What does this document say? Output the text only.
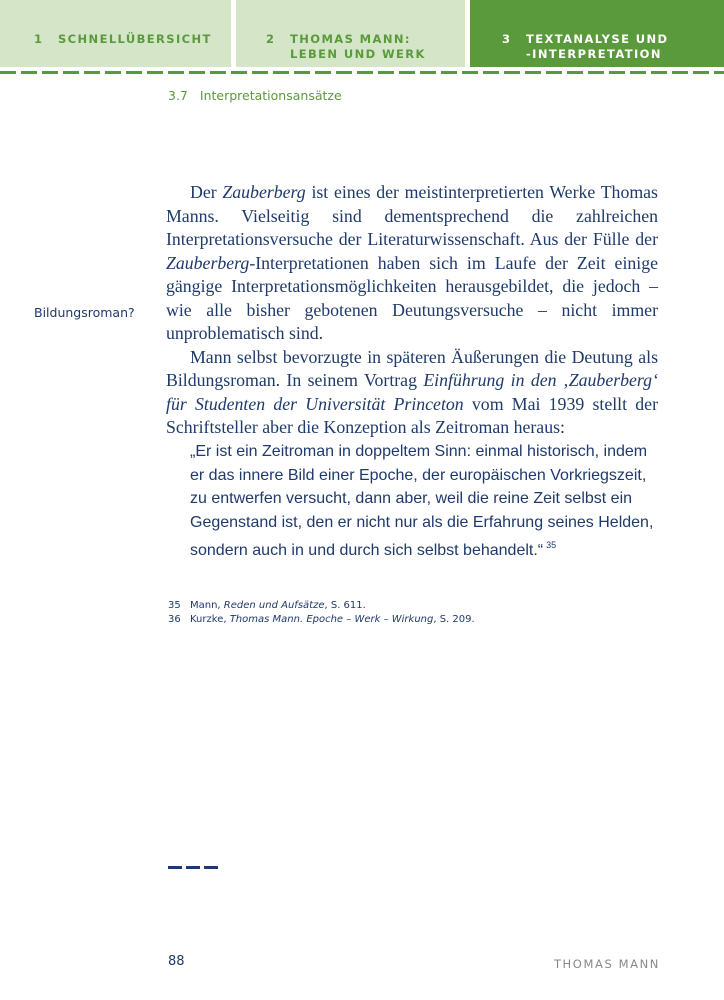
1 SCHNELLÜBERSICHT	2 THOMAS MANN:
LEBEN UND WERK
3 TEXTANALYSE UND
-INTERPRETATION
3.7 Interpretationsansätze
Bildungsroman?

Der Zauberberg ist eines der meistinterpretierten Werke Thomas Manns. Vielseitig sind dementsprechend die zahlreichen Interpretationsversuche der Literaturwissenschaft. Aus der Fülle der Zauberberg-Interpretationen haben sich im Laufe der Zeit einige gängige Interpretationsmöglichkeiten herausgebildet, die jedoch – wie alle bisher gebotenen Deutungsversuche – nicht immer unproblematisch sind.

Mann selbst bevorzugte in späteren Äußerungen die Deutung als Bildungsroman. In seinem Vortrag Einführung in den ‚Zauberberg‘ für Studenten der Universität Princeton vom Mai 1939 stellt der Schriftsteller aber die Konzeption als Zeitroman heraus:

„Er ist ein Zeitroman in doppeltem Sinn: einmal historisch, indem er das innere Bild einer Epoche, der europäischen Vorkriegszeit, zu entwerfen versucht, dann aber, weil die reine Zeit selbst ein Gegenstand ist, den er nicht nur als die Erfahrung seines Helden, sondern auch in und durch sich selbst behandelt.“ $^{35}$
35 Mann, Reden und Aufsätze, S. 611.
36 Kurzke, Thomas Mann. Epoche – Werk – Wirkung, S. 209.
88	THOMAS MANN
